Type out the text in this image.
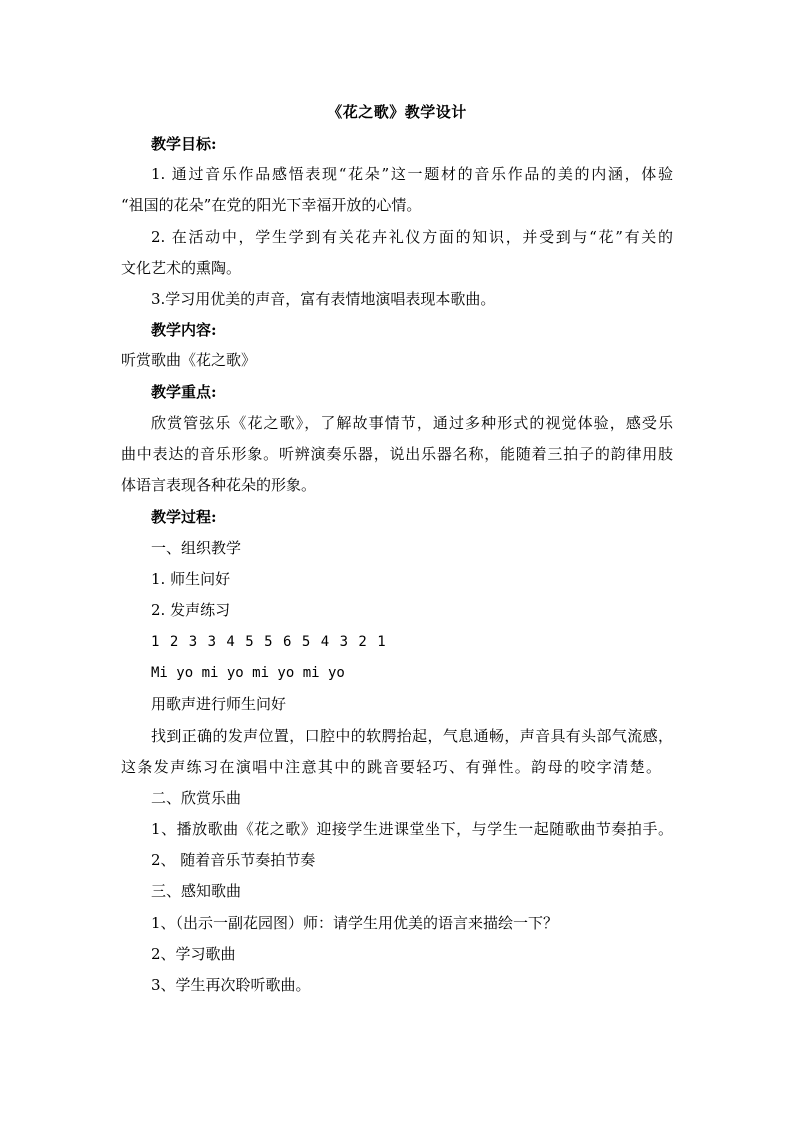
《花之歌》教学设计
教学目标:
1. 通过音乐作品感悟表现“花朵”这一题材的音乐作品的美的内涵，体验
“祖国的花朵”在党的阳光下幸福开放的心情。
2. 在活动中，学生学到有关花卉礼仪方面的知识，并受到与“花”有关的
文化艺术的熏陶。
3.学习用优美的声音，富有表情地演唱表现本歌曲。
教学内容:
听赏歌曲《花之歌》
教学重点:
欣赏管弦乐《花之歌》，了解故事情节，通过多种形式的视觉体验，感受乐
曲中表达的音乐形象。听辨演奏乐器，说出乐器名称，能随着三拍子的韵律用肢
体语言表现各种花朵的形象。
教学过程:
一、组织教学
1. 师生问好
2. 发声练习
1 2 3 3 4 5 5 6 5 4 3 2 1
Mi yo mi yo mi yo mi yo
用歌声进行师生问好
找到正确的发声位置，口腔中的软腭抬起，气息通畅，声音具有头部气流感，
这条发声练习在演唱中注意其中的跳音要轻巧、有弹性。韵母的咬字清楚。
二、欣赏乐曲
1、播放歌曲《花之歌》迎接学生进课堂坐下，与学生一起随歌曲节奏拍手。
2、 随着音乐节奏拍节奏
三、感知歌曲
1、（出示一副花园图）师：请学生用优美的语言来描绘一下？
2、学习歌曲
3、学生再次聆听歌曲。
